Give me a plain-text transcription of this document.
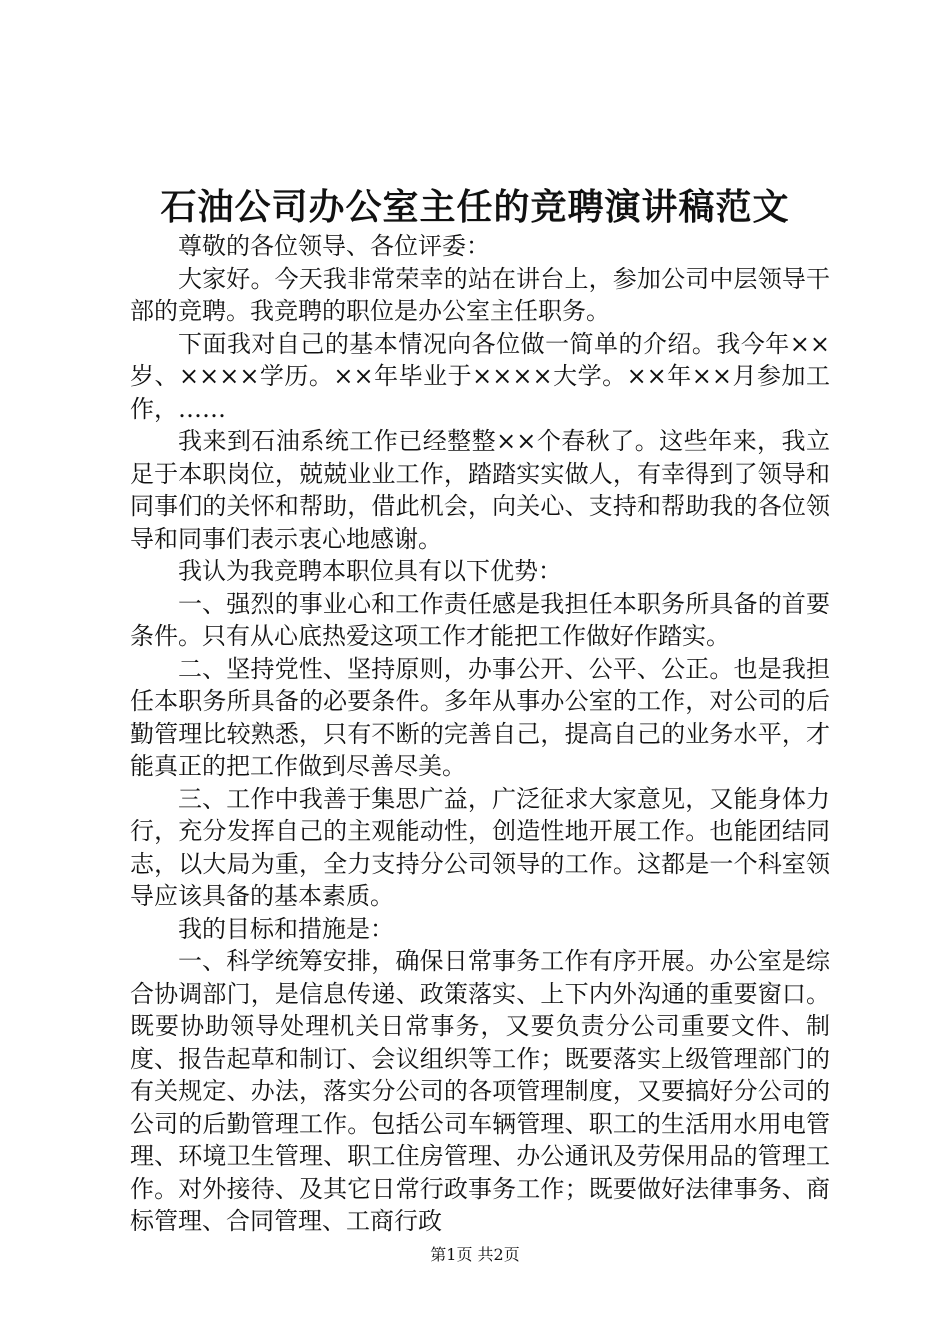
石油公司办公室主任的竞聘演讲稿范文

尊敬的各位领导、各位评委：

大家好。今天我非常荣幸的站在讲台上，参加公司中层领导干部的竞聘。我竞聘的职位是办公室主任职务。

下面我对自己的基本情况向各位做一简单的介绍。我今年××岁、××××学历。××年毕业于××××大学。××年××月参加工作，……

我来到石油系统工作已经整整××个春秋了。这些年来，我立足于本职岗位，兢兢业业工作，踏踏实实做人，有幸得到了领导和同事们的关怀和帮助，借此机会，向关心、支持和帮助我的各位领导和同事们表示衷心地感谢。

我认为我竞聘本职位具有以下优势：

一、强烈的事业心和工作责任感是我担任本职务所具备的首要条件。只有从心底热爱这项工作才能把工作做好作踏实。

二、坚持党性、坚持原则，办事公开、公平、公正。也是我担任本职务所具备的必要条件。多年从事办公室的工作，对公司的后勤管理比较熟悉，只有不断的完善自己，提高自己的业务水平，才能真正的把工作做到尽善尽美。

三、工作中我善于集思广益，广泛征求大家意见，又能身体力行，充分发挥自己的主观能动性，创造性地开展工作。也能团结同志，以大局为重，全力支持分公司领导的工作。这都是一个科室领导应该具备的基本素质。

我的目标和措施是：

一、科学统筹安排，确保日常事务工作有序开展。办公室是综合协调部门，是信息传递、政策落实、上下内外沟通的重要窗口。既要协助领导处理机关日常事务，又要负责分公司重要文件、制度、报告起草和制订、会议组织等工作；既要落实上级管理部门的有关规定、办法，落实分公司的各项管理制度，又要搞好分公司的公司的后勤管理工作。包括公司车辆管理、职工的生活用水用电管理、环境卫生管理、职工住房管理、办公通讯及劳保用品的管理工作。对外接待、及其它日常行政事务工作；既要做好法律事务、商标管理、合同管理、工商行政

第1页 共2页
